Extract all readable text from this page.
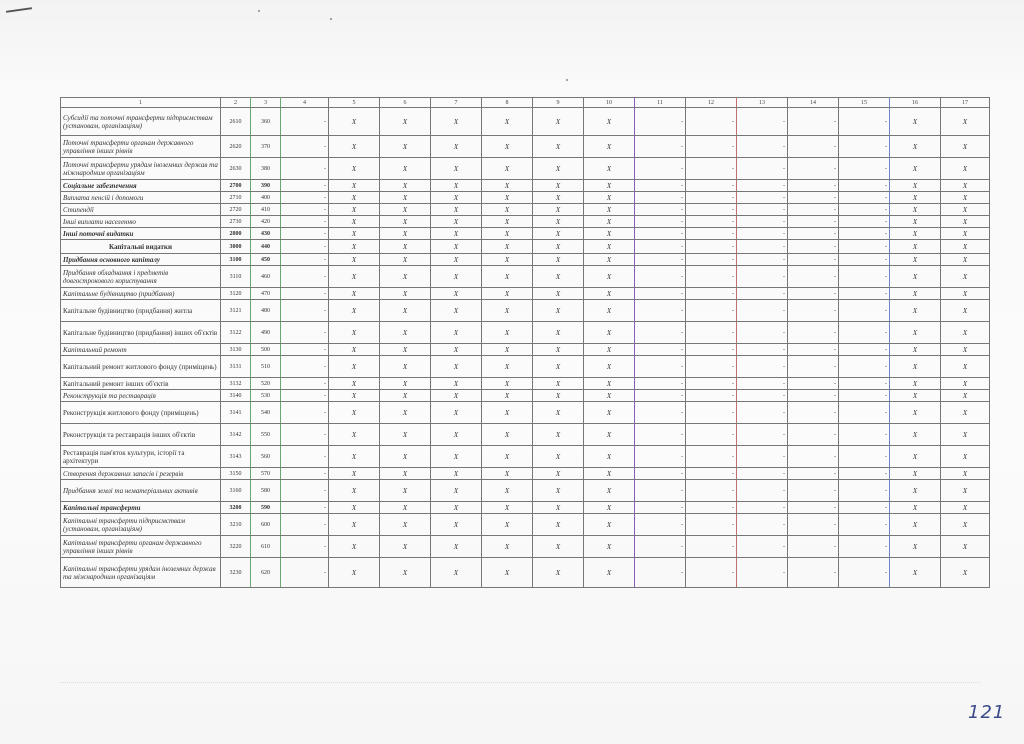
1	2	3	4	5	6	7	8	9	10	11	12	13	14	15	16	17
Субсидії та поточні трансферти підприємствам (установам, організаціям)	2610	360	-	X	X	X	X	X	X	-	-	-	-	-	X	X
Поточні трансферти органам державного управління інших рівнів	2620	370	-	X	X	X	X	X	X	-	-	-	-	-	X	X
Поточні трансферти урядам іноземних держав та міжнародним організаціям	2630	380	-	X	X	X	X	X	X	-	-	-	-	-	X	X
Соціальне забезпечення	2700	390	-	X	X	X	X	X	X	-	-	-	-	-	X	X
Виплата пенсій і допомоги	2710	400	-	X	X	X	X	X	X	-	-	-	-	-	X	X
Стипендії	2720	410	-	X	X	X	X	X	X	-	-	-	-	-	X	X
Інші виплати населенню	2730	420	-	X	X	X	X	X	X	-	-	-	-	-	X	X
Інші поточні видатки	2800	430	-	X	X	X	X	X	X	-	-	-	-	-	X	X
Капітальні видатки	3000	440	-	X	X	X	X	X	X	-	-	-	-	-	X	X
Придбання основного капіталу	3100	450	-	X	X	X	X	X	X	-	-	-	-	-	X	X
Придбання обладнання і предметів довгострокового користування	3110	460	-	X	X	X	X	X	X	-	-	-	-	-	X	X
Капітальне будівництво (придбання)	3120	470	-	X	X	X	X	X	X	-	-	-	-	-	X	X
Капітальне будівництво (придбання) житла	3121	480	-	X	X	X	X	X	X	-	-	-	-	-	X	X
Капітальне будівництво (придбання) інших об'єктів	3122	490	-	X	X	X	X	X	X	-	-	-	-	-	X	X
Капітальний ремонт	3130	500	-	X	X	X	X	X	X	-	-	-	-	-	X	X
Капітальний ремонт житлового фонду (приміщень)	3131	510	-	X	X	X	X	X	X	-	-	-	-	-	X	X
Капітальний ремонт інших об'єктів	3132	520	-	X	X	X	X	X	X	-	-	-	-	-	X	X
Реконструкція та реставрація	3140	530	-	X	X	X	X	X	X	-	-	-	-	-	X	X
Реконструкція житлового фонду (приміщень)	3141	540	-	X	X	X	X	X	X	-	-	-	-	-	X	X
Реконструкція та реставрація інших об'єктів	3142	550	-	X	X	X	X	X	X	-	-	-	-	-	X	X
Реставрація пам'яток культури, історії та архітектури	3143	560	-	X	X	X	X	X	X	-	-	-	-	-	X	X
Створення державних запасів і резервів	3150	570	-	X	X	X	X	X	X	-	-	-	-	-	X	X
Придбання землі та нематеріальних активів	3160	580	-	X	X	X	X	X	X	-	-	-	-	-	X	X
Капітальні трансферти	3200	590	-	X	X	X	X	X	X	-	-	-	-	-	X	X
Капітальні трансферти підприємствам (установам, організаціям)	3210	600	-	X	X	X	X	X	X	-	-	-	-	-	X	X
Капітальні трансферти органам державного управління інших рівнів	3220	610	-	X	X	X	X	X	X	-	-	-	-	-	X	X
Капітальні трансферти урядам іноземних держав та міжнародним організаціям	3230	620	-	X	X	X	X	X	X	-	-	-	-	-	X	X
121
